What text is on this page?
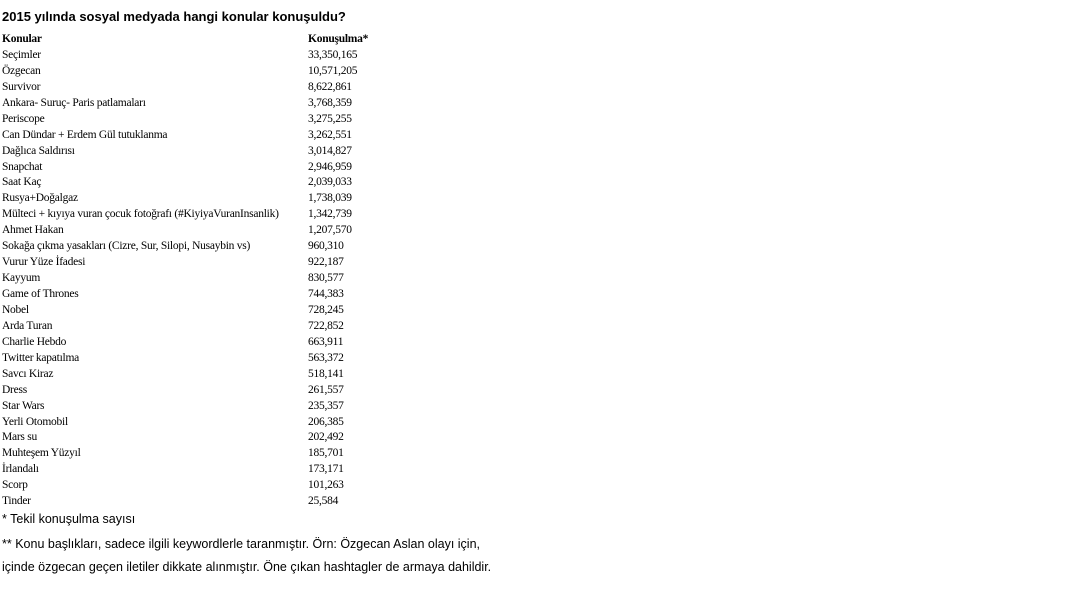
2015 yılında sosyal medyada hangi konular konuşuldu?
Konular	Konuşulma*
Seçimler	33,350,165
Özgecan	10,571,205
Survivor	8,622,861
Ankara- Suruç- Paris patlamaları	3,768,359
Periscope	3,275,255
Can Dündar + Erdem Gül tutuklanma	3,262,551
Dağlıca Saldırısı	3,014,827
Snapchat	2,946,959
Saat Kaç	2,039,033
Rusya+Doğalgaz	1,738,039
Mülteci + kıyıya vuran çocuk fotoğrafı (#KiyiyaVuranInsanlik)	1,342,739
Ahmet Hakan	1,207,570
Sokağa çıkma yasakları (Cizre, Sur, Silopi, Nusaybin vs)	960,310
Vurur Yüze İfadesi	922,187
Kayyum	830,577
Game of Thrones	744,383
Nobel	728,245
Arda Turan	722,852
Charlie Hebdo	663,911
Twitter kapatılma	563,372
Savcı Kiraz	518,141
Dress	261,557
Star Wars	235,357
Yerli Otomobil	206,385
Mars su	202,492
Muhteşem Yüzyıl	185,701
İrlandalı	173,171
Scorp	101,263
Tinder	25,584
* Tekil konuşulma sayısı
** Konu başlıkları, sadece ilgili keywordlerle taranmıştır. Örn: Özgecan Aslan olayı için,
içinde özgecan geçen iletiler dikkate alınmıştır. Öne çıkan hashtagler de armaya dahildir.
